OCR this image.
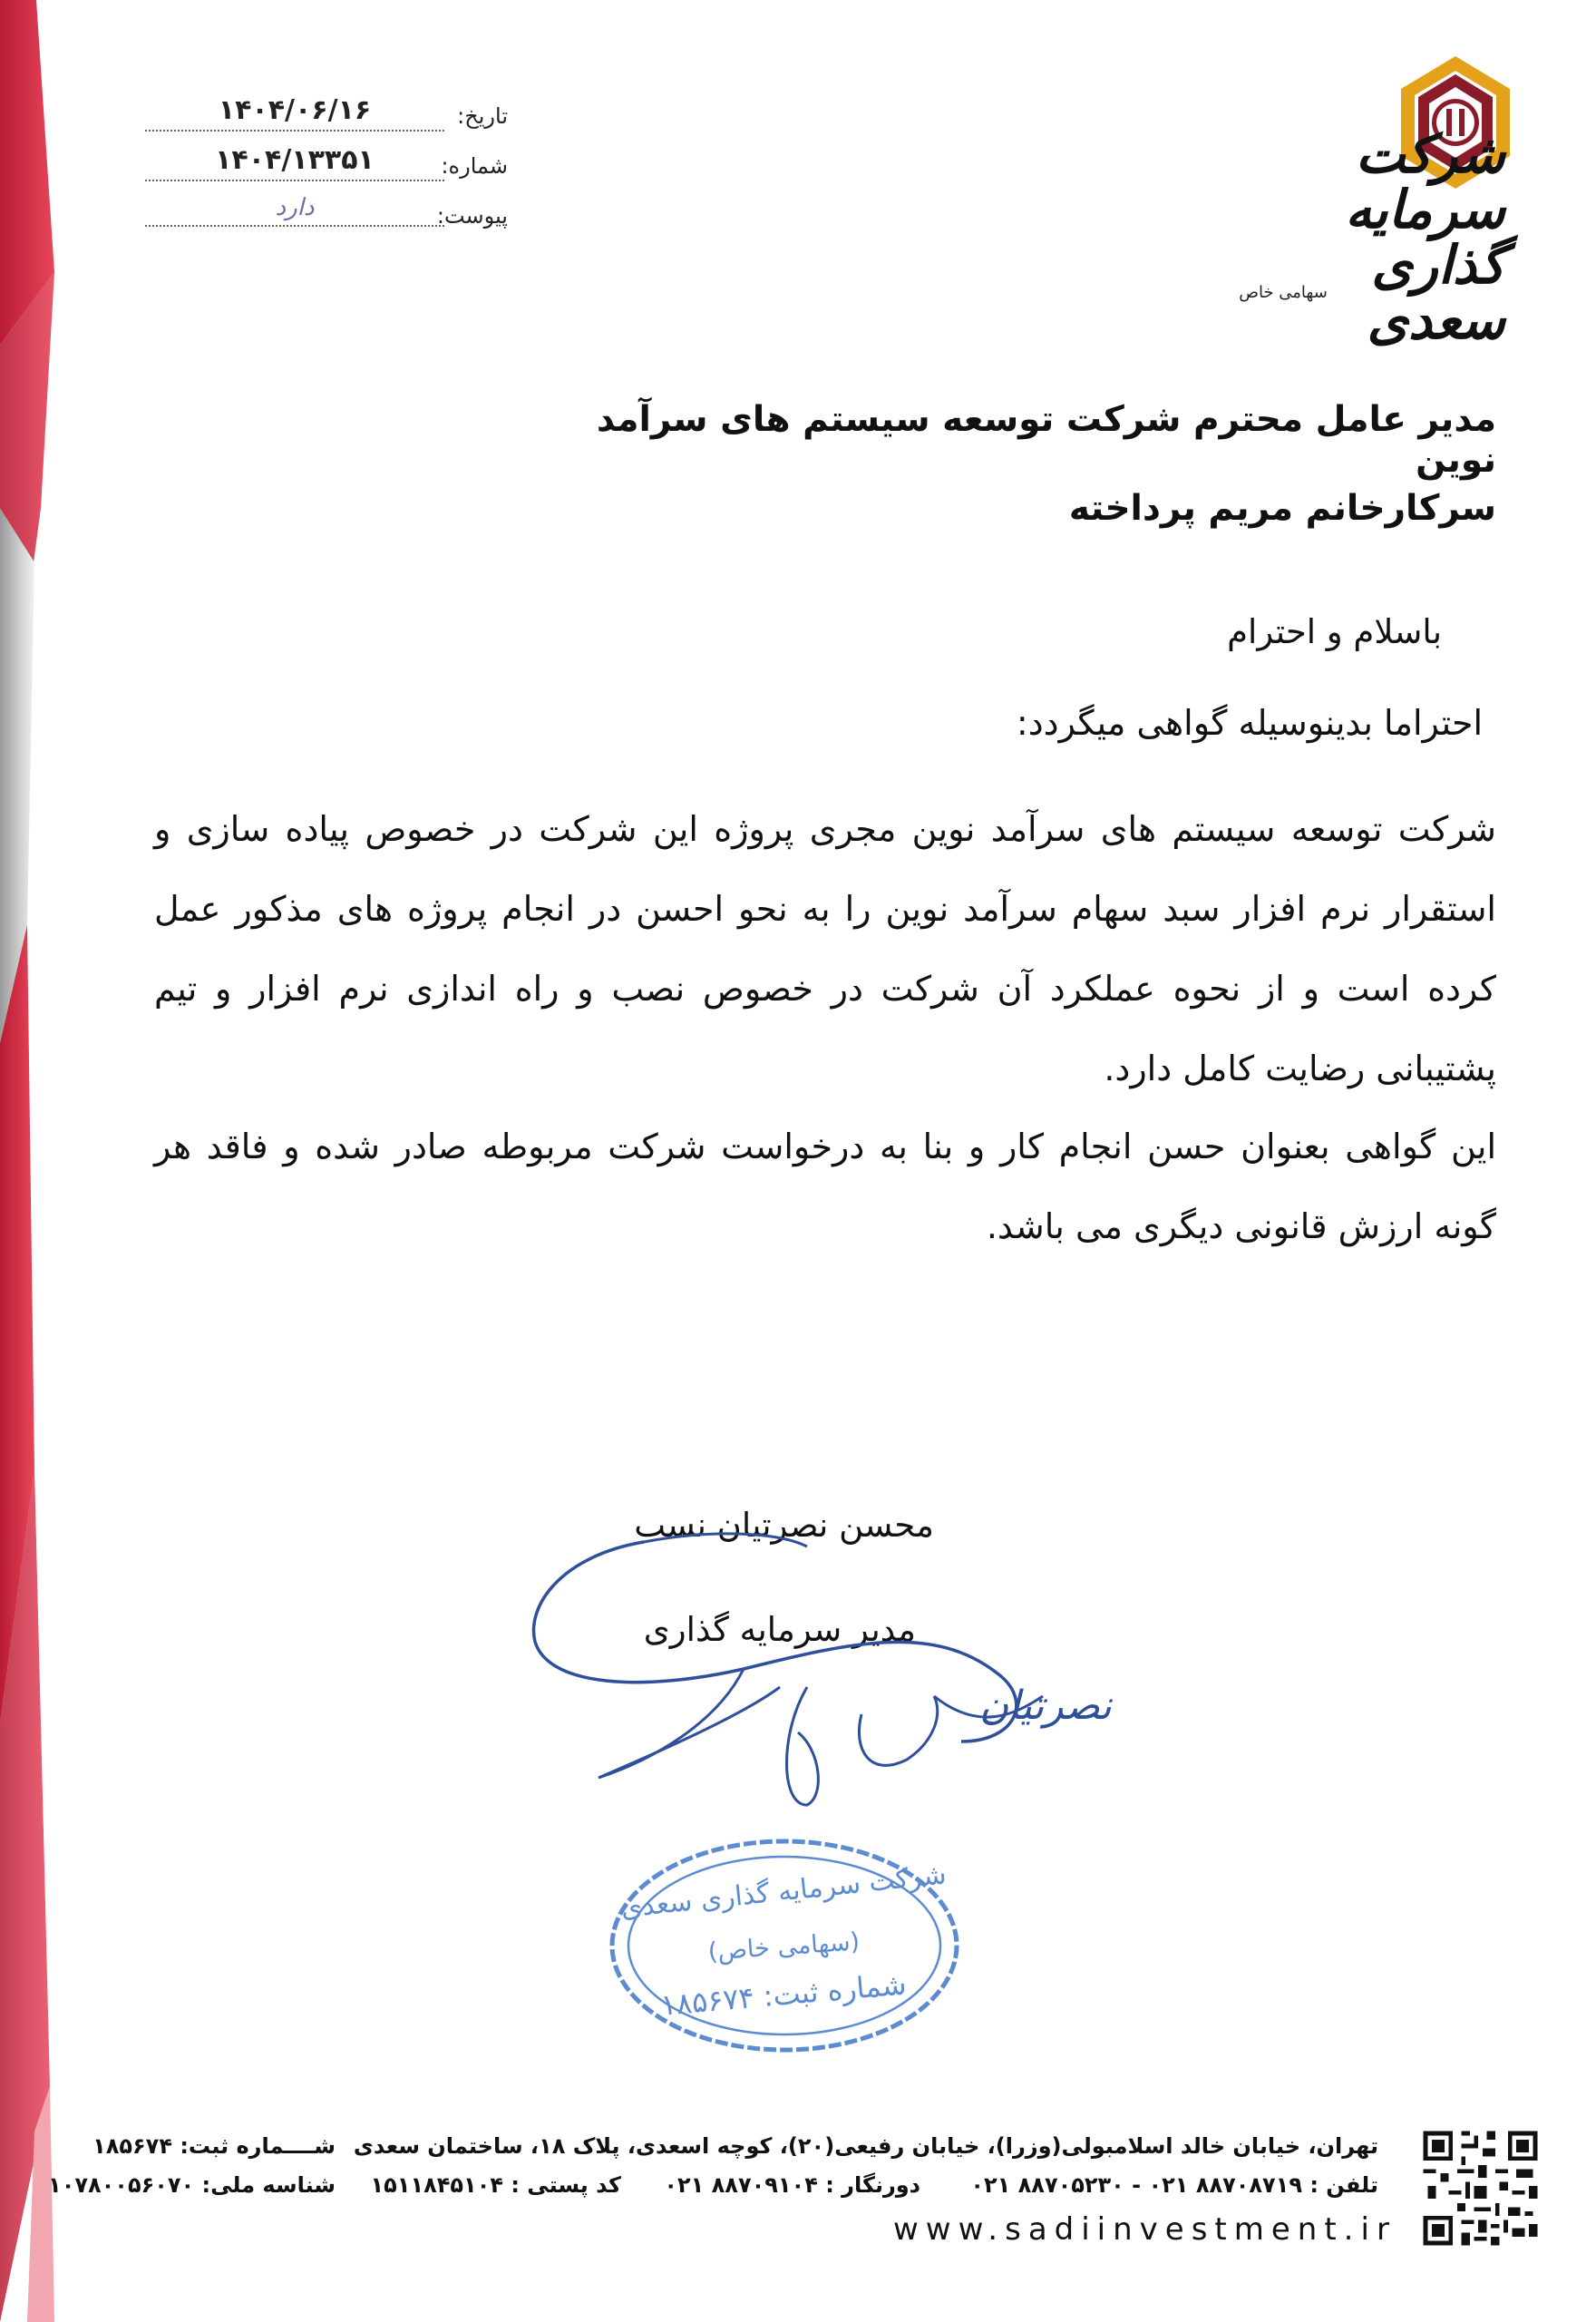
تاریخ:
۱۴۰۴/۰۶/۱۶
شماره:
۱۴۰۴/۱۳۳۵۱
پیوست:
دارد
شرکت سرمایه گذاری سعدی
سهامی خاص
مدیر عامل محترم شرکت توسعه سیستم های سرآمد نوین
سرکارخانم مریم پرداخته
باسلام و احترام
احتراما بدینوسیله گواهی میگردد:
شرکت توسعه سیستم های سرآمد نوین مجری پروژه این شرکت در خصوص پیاده سازی و استقرار نرم افزار سبد سهام سرآمد نوین را به نحو احسن در انجام پروژه های مذکور عمل کرده است و از نحوه عملکرد آن شرکت در خصوص نصب و راه اندازی نرم افزار و تیم پشتیبانی رضایت کامل دارد.
این گواهی بعنوان حسن انجام کار و بنا به درخواست شرکت مربوطه صادر شده و فاقد هر گونه ارزش قانونی دیگری می باشد.
محسن نصرتیان نسب
مدیر سرمایه گذاری
نصرتیان
شرکت سرمایه گذاری سعدی
(سهامی خاص)
شماره ثبت: ۱۸۵۶۷۴
تهران، خیابان خالد اسلامبولی(وزرا)، خیابان رفیعی(۲۰)، کوچه اسعدی، پلاک ۱۸، ساختمان سعدی
تلفن : ۸۸۷۰۸۷۱۹ ۰۲۱ - ۸۸۷۰۵۲۳۰ ۰۲۱
دورنگار : ۸۸۷۰۹۱۰۴ ۰۲۱
کد پستی : ۱۵۱۱۸۴۵۱۰۴
شــــماره ثبت: ۱۸۵۶۷۴
شناسه ملی: ۱۰۷۸۰۰۵۶۰۷۰
www.sadiinvestment.ir
